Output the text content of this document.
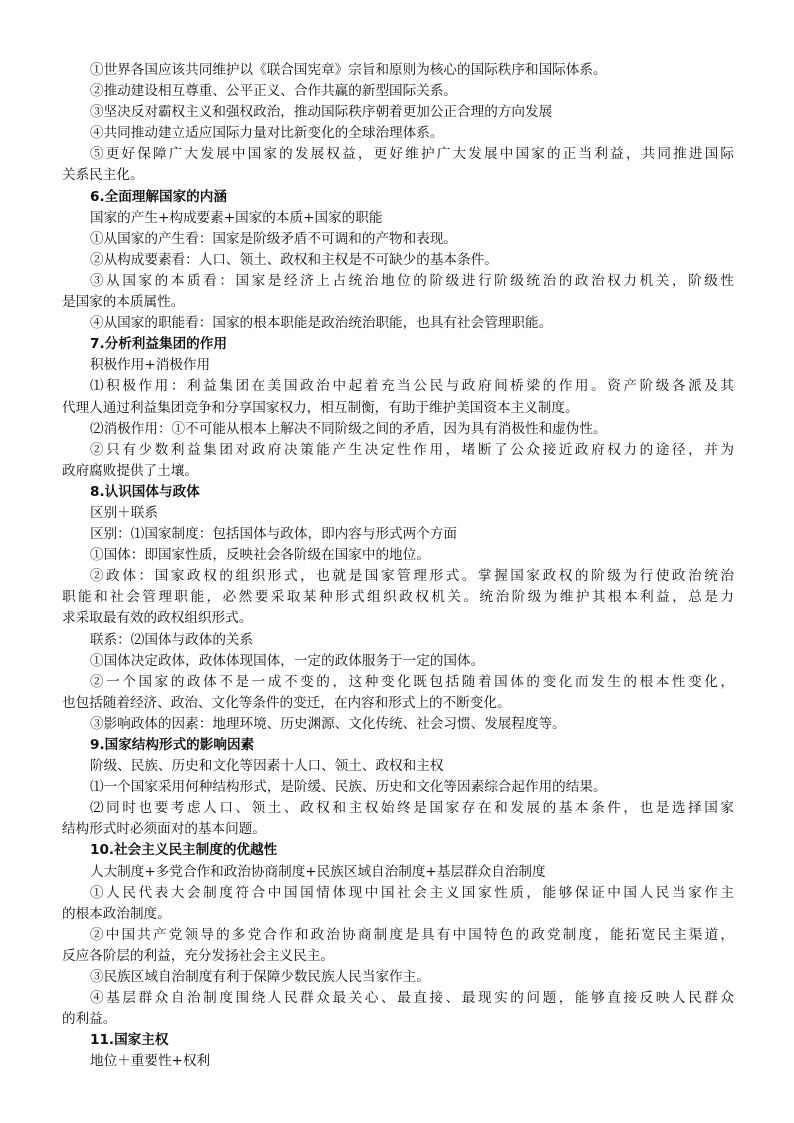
①世界各国应该共同维护以《联合国宪章》宗旨和原则为核心的国际秩序和国际体系。
②推动建设相互尊重、公平正义、合作共赢的新型国际关系。
③坚决反对霸权主义和强权政治，推动国际秩序朝着更加公正合理的方向发展
④共同推动建立适应国际力量对比新变化的全球治理体系。
⑤更好保障广大发展中国家的发展权益，更好维护广大发展中国家的正当利益，共同推进国际
关系民主化。
6.全面理解国家的内涵
国家的产生+构成要素+国家的本质+国家的职能
①从国家的产生看：国家是阶级矛盾不可调和的产物和表现。
②从构成要素看：人口、领土、政权和主权是不可缺少的基本条件。
③从国家的本质看：国家是经济上占统治地位的阶级进行阶级统治的政治权力机关，阶级性
是国家的本质属性。
④从国家的职能看：国家的根本职能是政治统治职能，也具有社会管理职能。
7.分析利益集团的作用
积极作用+消极作用
⑴积极作用：利益集团在美国政治中起着充当公民与政府间桥梁的作用。资产阶级各派及其
代理人通过利益集团竞争和分享国家权力，相互制衡，有助于维护美国资本主义制度。
⑵消极作用：①不可能从根本上解决不同阶级之间的矛盾，因为具有消极性和虚伪性。
②只有少数利益集团对政府决策能产生决定性作用，堵断了公众接近政府权力的途径，并为
政府腐败提供了土壤。
8.认识国体与政体
区别＋联系
区别：⑴国家制度：包括国体与政体，即内容与形式两个方面
①国体：即国家性质，反映社会各阶级在国家中的地位。
②政体：国家政权的组织形式，也就是国家管理形式。掌握国家政权的阶级为行使政治统治
职能和社会管理职能，必然要采取某种形式组织政权机关。统治阶级为维护其根本利益，总是力
求采取最有效的政权组织形式。
联系：⑵国体与政体的关系
①国体决定政体，政体体现国体，一定的政体服务于一定的国体。
②一个国家的政体不是一成不变的，这种变化既包括随着国体的变化而发生的根本性变化，
也包括随着经济、政治、文化等条件的变迁，在内容和形式上的不断变化。
③影响政体的因素：地理环境、历史渊源、文化传统、社会习惯、发展程度等。
9.国家结构形式的影响因素
阶级、民族、历史和文化等因素十人口、领土、政权和主权
⑴一个国家采用何种结构形式，是阶缓、民族、历史和文化等因素综合起作用的结果。
⑵同时也要考虑人口、领土、政权和主权始终是国家存在和发展的基本条件，也是选择国家
结构形式时必须面对的基本问题。
10.社会主义民主制度的优越性
人大制度+多党合作和政治协商制度+民族区域自治制度+基层群众自治制度
①人民代表大会制度符合中国国情体现中国社会主义国家性质，能够保证中国人民当家作主
的根本政治制度。
②中国共产党领导的多党合作和政治协商制度是具有中国特色的政党制度，能拓宽民主渠道，
反应各阶层的利益，充分发扬社会主义民主。
③民族区域自治制度有利于保障少数民族人民当家作主。
④基层群众自治制度围绕人民群众最关心、最直接、最现实的问题，能够直接反映人民群众
的利益。
11.国家主权
地位＋重要性+权利
